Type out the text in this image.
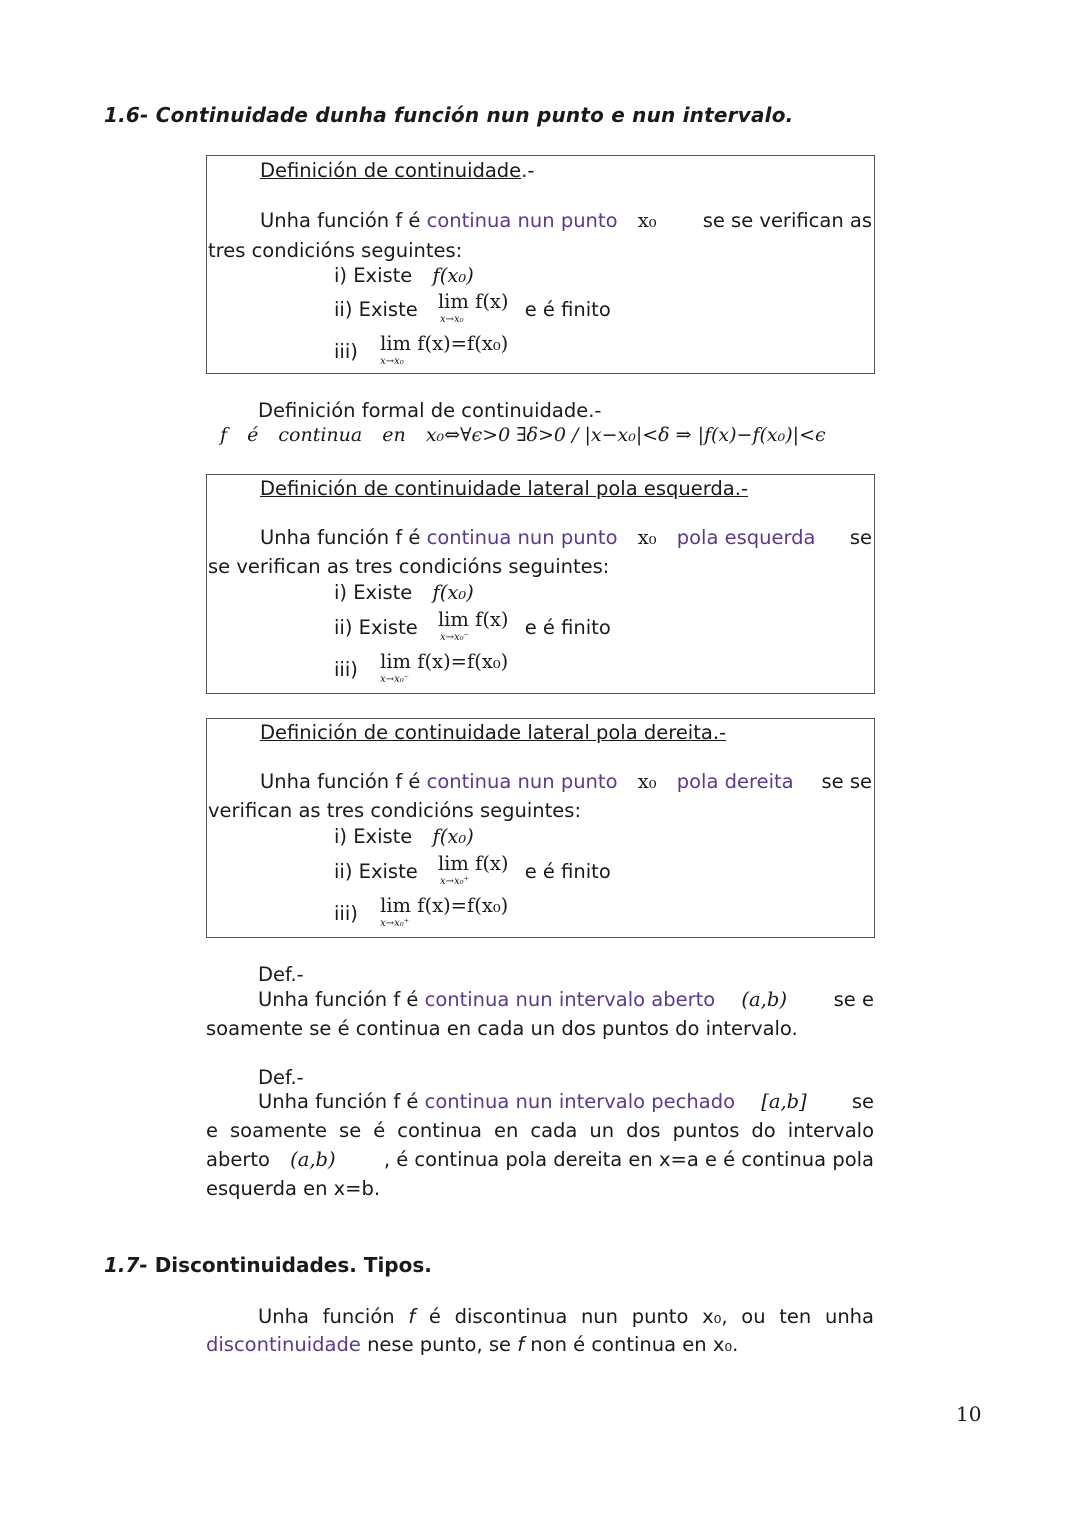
1.6- Continuidade dunha función nun punto e nun intervalo.
Definición de continuidade.-
Unha función f é continua nun punto x₀ se se verifican as
tres condicións seguintes:
i) Existe f(x₀)
ii) Existe lim f(x)
x→x₀	e é finito
iii) lim f(x)=f(x₀)
x→x₀
Definición formal de continuidade.-
f é continua en x₀⇔∀ϵ>0 ∃δ>0 / |x−x₀|<δ ⇒ |f(x)−f(x₀)|<ϵ
Definición de continuidade lateral pola esquerda.-
Unha función f é continua nun punto x₀ pola esquerda se
se verifican as tres condicións seguintes:
i) Existe f(x₀)
ii) Existe lim f(x)
x→x₀⁻	e é finito
iii) lim f(x)=f(x₀)
x→x₀⁻
Definición de continuidade lateral pola dereita.-
Unha función f é continua nun punto x₀ pola dereita se se
verifican as tres condicións seguintes:
i) Existe f(x₀)
ii) Existe lim f(x)
x→x₀⁺	e é finito
iii) lim f(x)=f(x₀)
x→x₀⁺
Def.-
Unha función f é continua nun intervalo aberto (a,b) se e
soamente se é continua en cada un dos puntos do intervalo.
Def.-
Unha función f é continua nun intervalo pechado [a,b] se
e soamente se é continua en cada un dos puntos do intervalo
aberto (a,b) , é continua pola dereita en x=a e é continua pola
esquerda en x=b.
1.7- Discontinuidades. Tipos.
Unha función f é discontinua nun punto x₀, ou ten unha
discontinuidade nese punto, se f non é continua en x₀.
10
